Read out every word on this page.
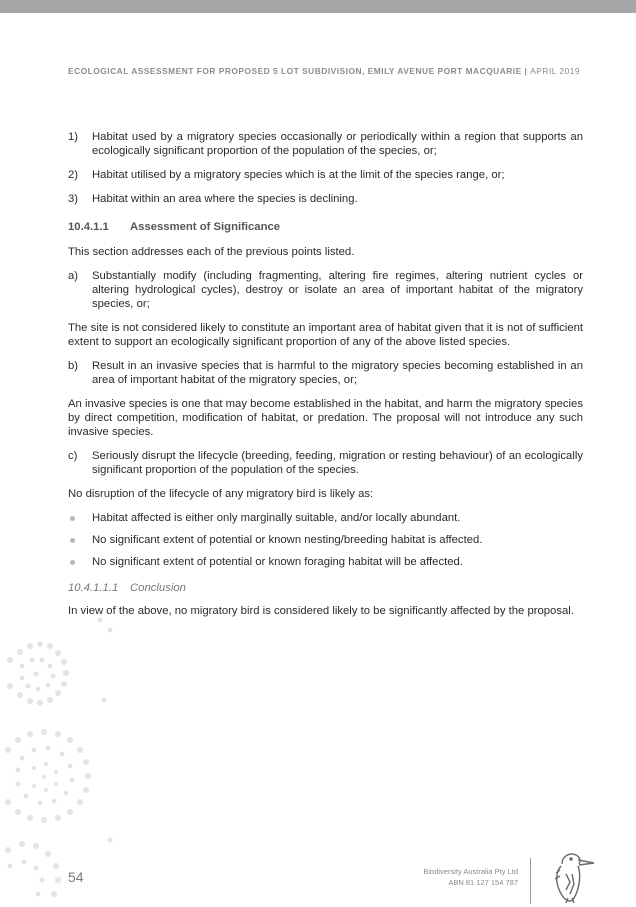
ECOLOGICAL ASSESSMENT FOR PROPOSED 5 LOT SUBDIVISION, EMILY AVENUE PORT MACQUARIE | APRIL 2019
1) Habitat used by a migratory species occasionally or periodically within a region that supports an ecologically significant proportion of the population of the species, or;
2) Habitat utilised by a migratory species which is at the limit of the species range, or;
3) Habitat within an area where the species is declining.
10.4.1.1 Assessment of Significance
This section addresses each of the previous points listed.
a) Substantially modify (including fragmenting, altering fire regimes, altering nutrient cycles or altering hydrological cycles), destroy or isolate an area of important habitat of the migratory species, or;
The site is not considered likely to constitute an important area of habitat given that it is not of sufficient extent to support an ecologically significant proportion of any of the above listed species.
b) Result in an invasive species that is harmful to the migratory species becoming established in an area of important habitat of the migratory species, or;
An invasive species is one that may become established in the habitat, and harm the migratory species by direct competition, modification of habitat, or predation. The proposal will not introduce any such invasive species.
c) Seriously disrupt the lifecycle (breeding, feeding, migration or resting behaviour) of an ecologically significant proportion of the population of the species.
No disruption of the lifecycle of any migratory bird is likely as:
Habitat affected is either only marginally suitable, and/or locally abundant.
No significant extent of potential or known nesting/breeding habitat is affected.
No significant extent of potential or known foraging habitat will be affected.
10.4.1.1.1 Conclusion
In view of the above, no migratory bird is considered likely to be significantly affected by the proposal.
54	Biodiversity Australia Pty Ltd
ABN 81 127 154 787
